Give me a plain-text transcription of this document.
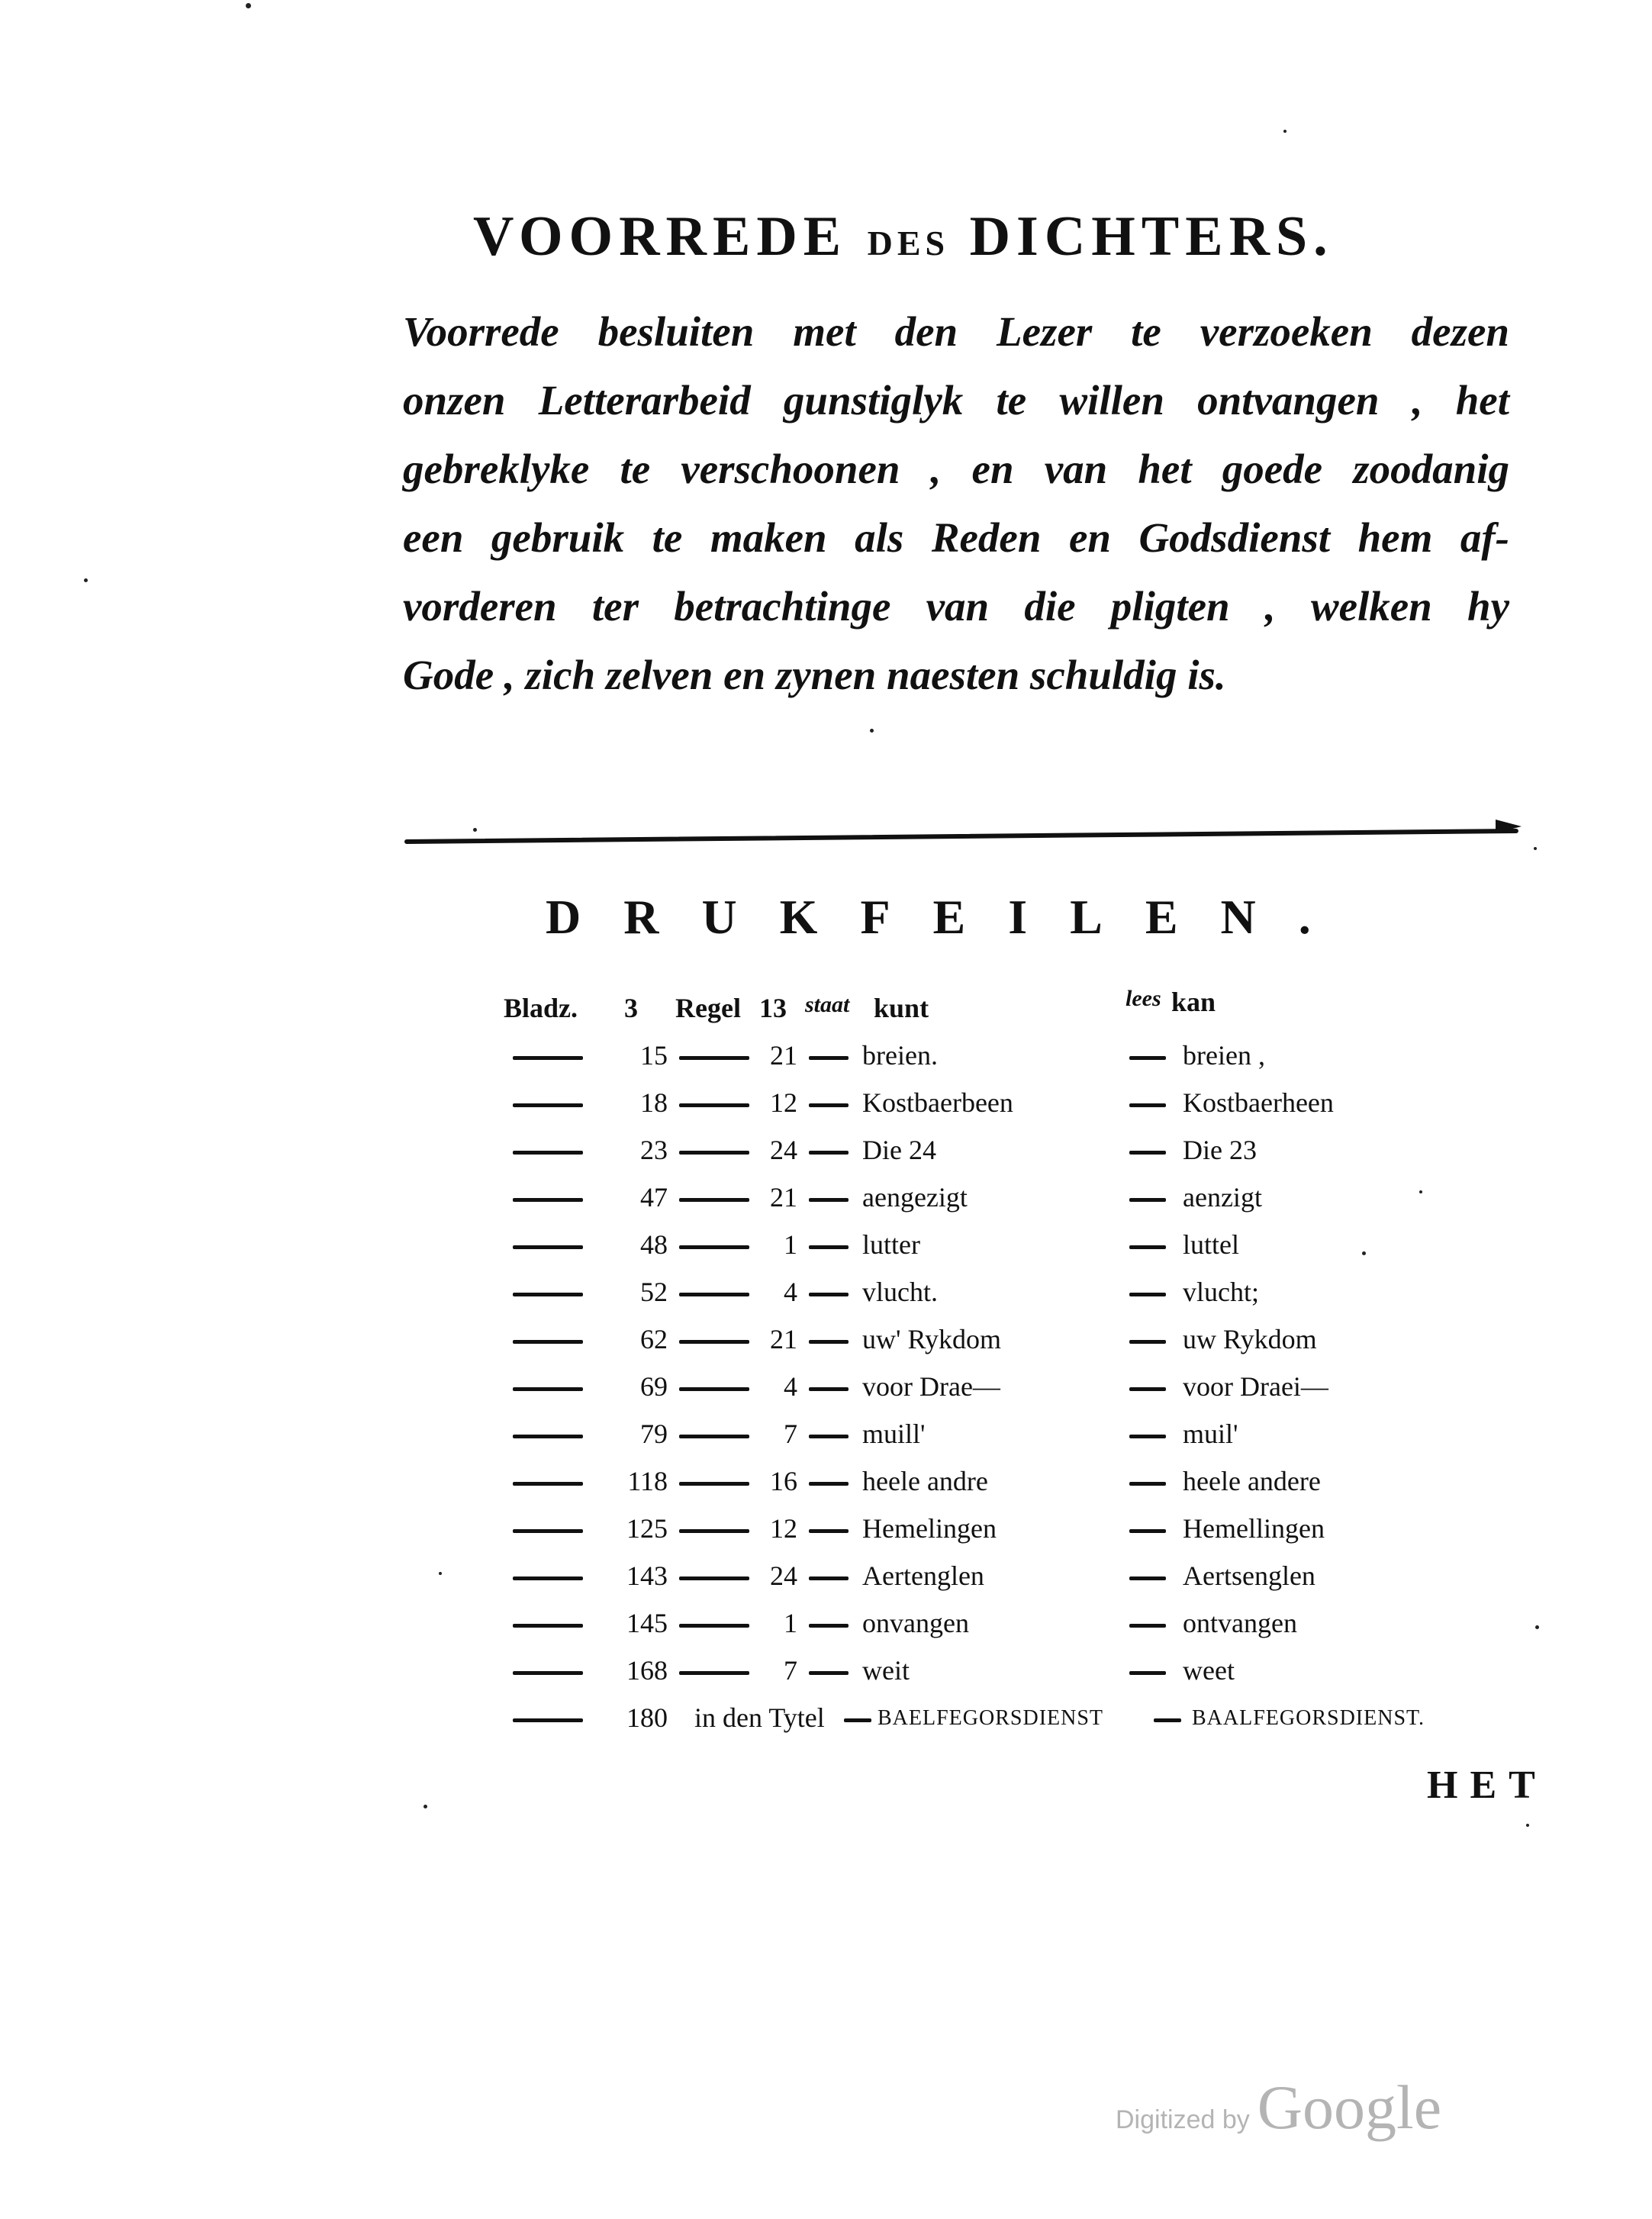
VOORREDE DES DICHTERS.
Voorrede besluiten met den Lezer te verzoeken dezen
onzen Letterarbeid gunstiglyk te willen ontvangen , het
gebreklyke te verschoonen , en van het goede zoodanig
een gebruik te maken als Reden en Godsdienst hem af-
vorderen ter betrachtinge van die pligten , welken hy
Gode , zich zelven en zynen naesten schuldig is.
DRUKFEILEN.
Bladz. 3 Regel 13 staat kunt	lees kan
15	21 breien.	breien ,
18	12 Kostbaerbeen	Kostbaerheen
23	24 Die 24	Die 23
47	21 aengezigt	aenzigt
48	1 lutter	luttel
52	4 vlucht.	vlucht;
62	21 uw' Rykdom	uw Rykdom
69	4 voor Drae—	voor Draei—
79	7 muill'	muil'
118	16 heele andre	heele andere
125	12 Hemelingen	Hemellingen
143	24 Aertenglen	Aertsenglen
145	1 onvangen	ontvangen
168	7 weit	weet
180 in den Tytel BAELFEGORSDIENST	BAALFEGORSDIENST.
HET
Digitized by Google
